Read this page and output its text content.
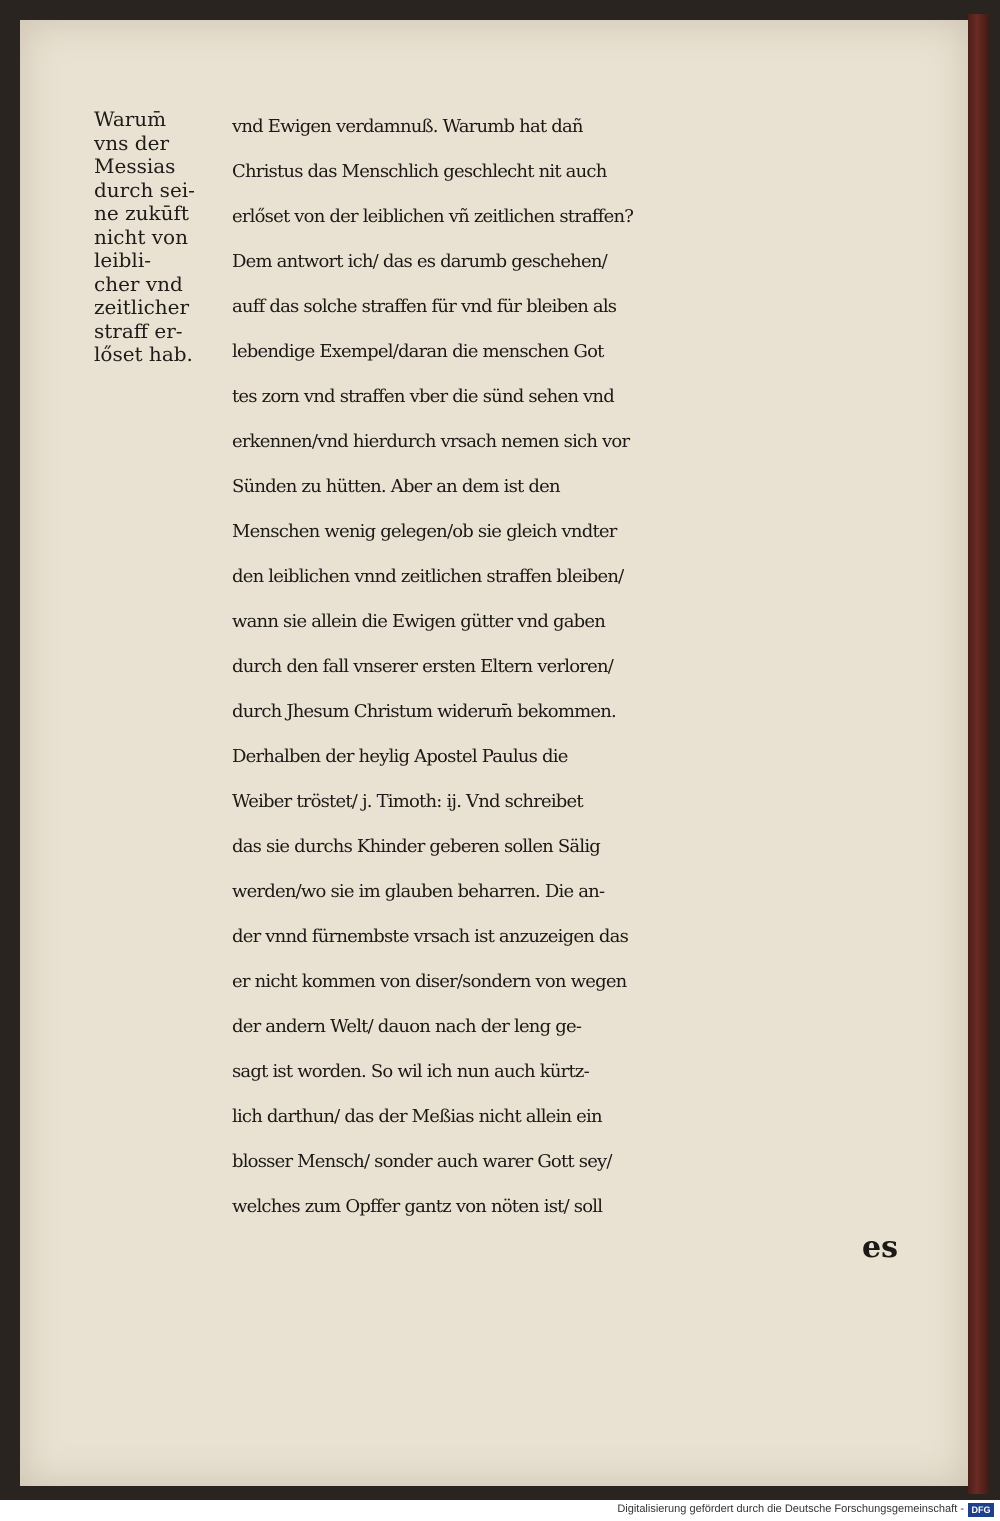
Warum̄
vns der
Messias
durch sei-
ne zukūft
nicht von
leibli-
cher vnd
zeitlicher
straff er-
lőset hab.
vnd Ewigen verdamnuß. Warumb hat dañ
Christus das Menschlich geschlecht nit auch
erlőset von der leiblichen vñ zeitlichen straffen?
Dem antwort ich/ das es darumb geschehen/
auff das solche straffen für vnd für bleiben als
lebendige Exempel/daran die menschen Got
tes zorn vnd straffen vber die sünd sehen vnd
erkennen/vnd hierdurch vrsach nemen sich vor
Sünden zu hütten. Aber an dem ist den
Menschen wenig gelegen/ob sie gleich vndter
den leiblichen vnnd zeitlichen straffen bleiben/
wann sie allein die Ewigen gütter vnd gaben
durch den fall vnserer ersten Eltern verloren/
durch Jhesum Christum widerum̄ bekommen.
Derhalben der heylig Apostel Paulus die
Weiber tröstet/ j. Timoth: ij. Vnd schreibet
das sie durchs Khinder geberen sollen Sälig
werden/wo sie im glauben beharren. Die an-
der vnnd fürnembste vrsach ist anzuzeigen das
er nicht kommen von diser/sondern von wegen
der andern Welt/ dauon nach der leng ge-
sagt ist worden. So wil ich nun auch kürtz-
lich darthun/ das der Meßias nicht allein ein
blosser Mensch/ sonder auch warer Gott sey/
welches zum Opffer gantz von nöten ist/ soll
es
Digitalisierung gefördert durch die Deutsche Forschungsgemeinschaft - DFG
